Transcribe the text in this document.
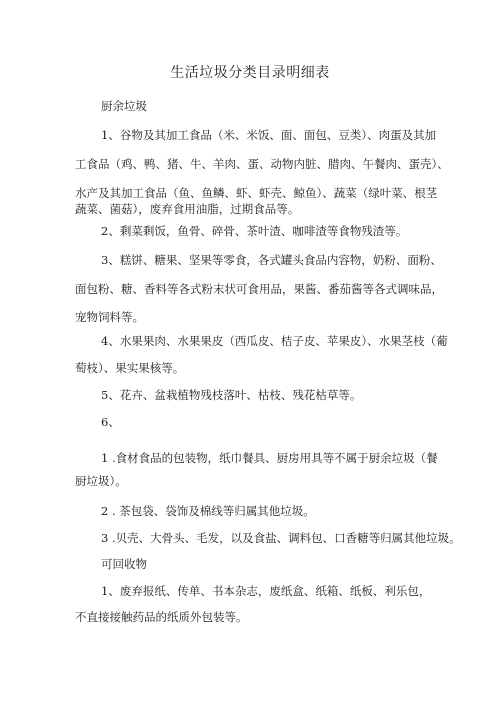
生活垃圾分类目录明细表
厨余垃圾
1、谷物及其加工食品（米、米饭、面、面包、豆类）、肉蛋及其加
工食品（鸡、鸭、猪、牛、羊肉、蛋、动物内脏、腊肉、午餐肉、蛋壳）、
水产及其加工食品（鱼、鱼鳞、虾、虾壳、鲸鱼）、蔬菜（绿叶菜、根茎
蔬菜、菌菇），废弃食用油脂，过期食品等。
2、剩菜剩饭，鱼骨、碎骨、茶叶渣、咖啡渣等食物残渣等。
3、糕饼、糖果、坚果等零食，各式罐头食品内容物，奶粉、面粉、
面包粉、糖、香料等各式粉末状可食用品，果酱、番茄酱等各式调味品，
宠物饲料等。
4、水果果肉、水果果皮（西瓜皮、桔子皮、苹果皮）、水果茎枝（葡
萄枝）、果实果核等。
5、花卉、盆栽植物残枝落叶、枯枝、残花枯草等。
6、
1 .食材食品的包装物，纸巾餐具、厨房用具等不属于厨余垃圾（餐
厨垃圾）。
2 . 茶包袋、袋饰及棉线等归属其他垃圾。
3 .贝壳、大骨头、毛发，以及食盐、调料包、口香糖等归属其他垃圾。
可回收物
1、废弃报纸、传单、书本杂志，废纸盒、纸箱、纸板、利乐包，
不直接接触药品的纸质外包装等。
